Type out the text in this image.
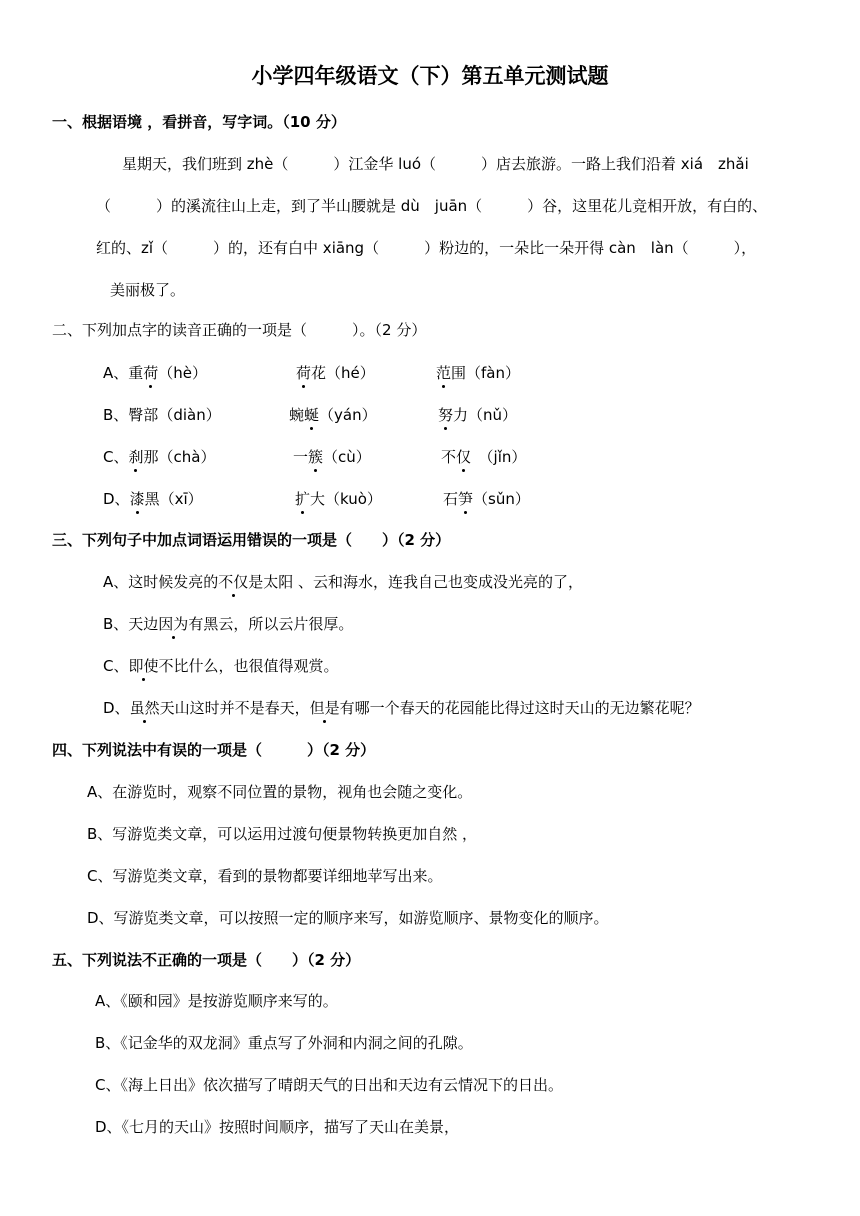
小学四年级语文（下）第五单元测试题
一、根据语境 ，看拼音，写字词。（10 分）
星期天，我们班到 zhè（　　　）江金华 luó（　　　）店去旅游。一路上我们沿着 xiá　zhǎi
（　　　）的溪流往山上走，到了半山腰就是 dù　juān（　　　）谷，这里花儿竞相开放，有白的、
红的、zǐ（　　　）的，还有白中 xiāng（　　　）粉边的，一朵比一朵开得 càn　làn（　　　），
美丽极了。
二、下列加点字的读音正确的一项是（　　　）。（2 分）
A、重荷（hè）	荷花（hé）	范围（fàn）
B、臀部（diàn）	蜿蜒（yán）	努力（nǔ）
C、刹那（chà）	一簇（cù）	不仅　（jǐn）
D、漆黑（xī）	扩大（kuò）	石笋（sǔn）
三、下列句子中加点词语运用错误的一项是（　　）（2 分）
A、这时候发亮的不仅是太阳 、云和海水，连我自己也变成没光亮的了，
B、天边因为有黑云，所以云片很厚。
C、即使不比什么，也很值得观赏。
D、虽然天山这时并不是春天，但是有哪一个春天的花园能比得过这时天山的无边繁花呢？
四、下列说法中有误的一项是（　　　）（2 分）
A、在游览时，观察不同位置的景物，视角也会随之变化。
B、写游览类文章，可以运用过渡句便景物转换更加自然 ，
C、写游览类文章，看到的景物都要详细地苹写出来。
D、写游览类文章，可以按照一定的顺序来写，如游览顺序、景物变化的顺序。
五、下列说法不正确的一项是（　　）（2 分）
A、《颐和园》是按游览顺序来写的。
B、《记金华的双龙洞》重点写了外洞和内洞之间的孔隙。
C、《海上日出》依次描写了晴朗天气的日出和天边有云情况下的日出。
D、《七月的天山》按照时间顺序，描写了天山在美景，
